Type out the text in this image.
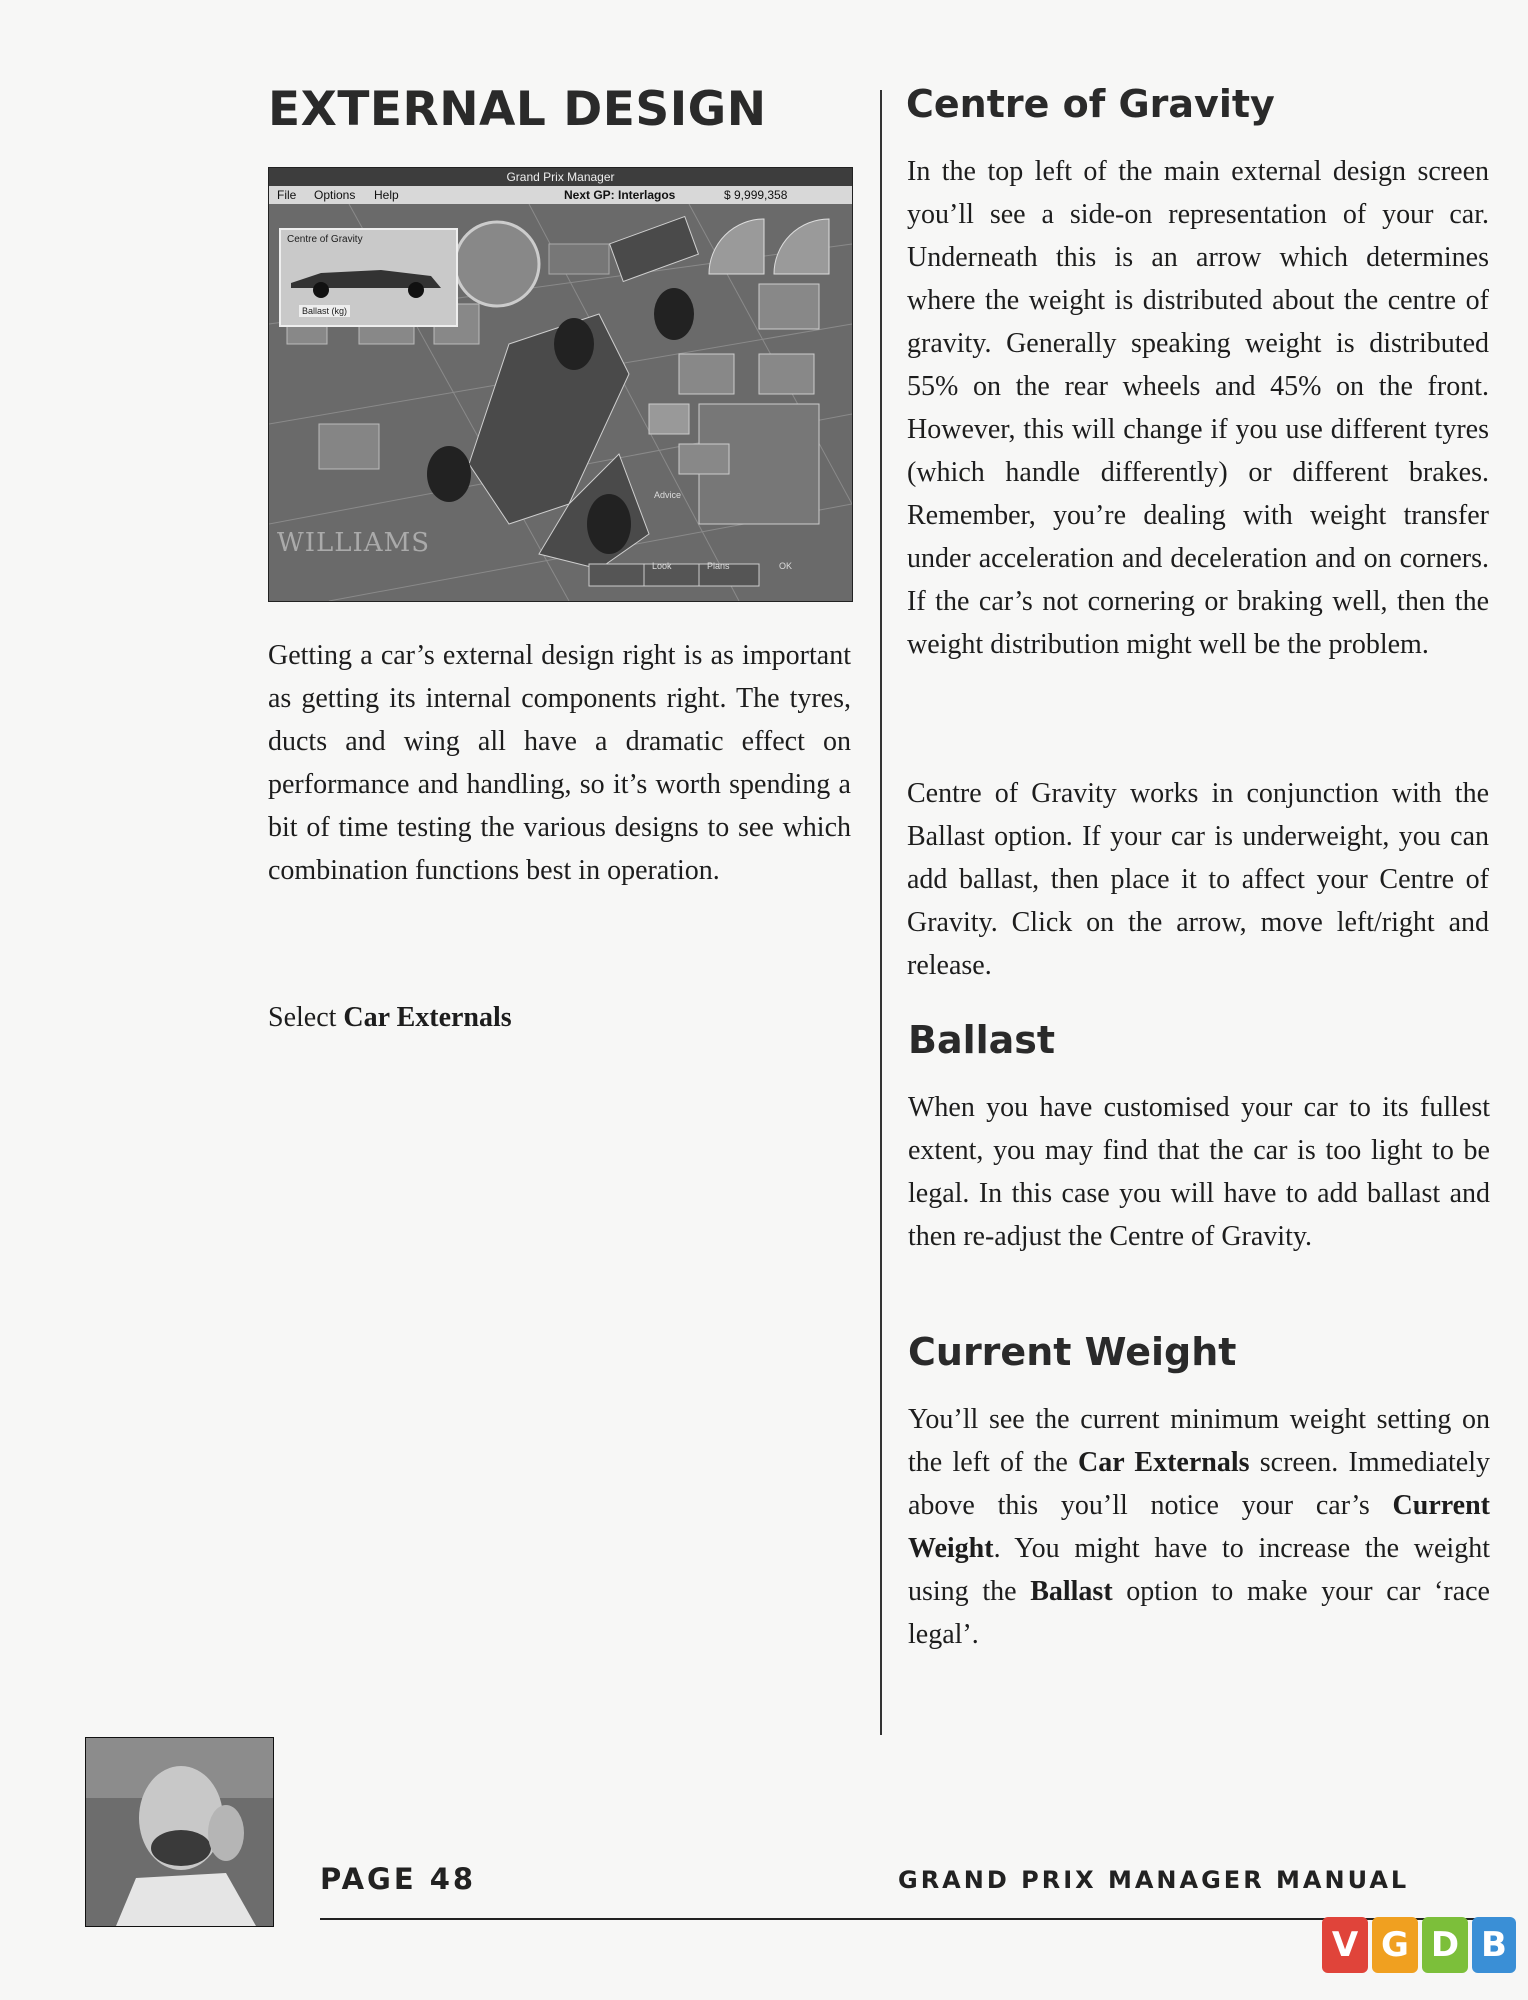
EXTERNAL DESIGN
Grand Prix Manager
File Options Help	Next GP: Interlagos	$ 9,999,358
Centre of Gravity
Ballast (kg)
WILLIAMS
Look	Plans	OK
Advice

Getting a car’s external design right is as important as getting its internal components right. The tyres, ducts and wing all have a dramatic effect on performance and handling, so it’s worth spending a bit of time testing the various designs to see which combination functions best in operation.

Select Car Externals

Centre of Gravity

In the top left of the main external design screen you’ll see a side-on representation of your car. Underneath this is an arrow which determines where the weight is distributed about the centre of gravity. Generally speaking weight is distributed 55% on the rear wheels and 45% on the front. However, this will change if you use different tyres (which handle differently) or different brakes. Remember, you’re dealing with weight transfer under acceleration and deceleration and on corners. If the car’s not cornering or braking well, then the weight distribution might well be the problem.

Centre of Gravity works in conjunction with the Ballast option. If your car is underweight, you can add ballast, then place it to affect your Centre of Gravity. Click on the arrow, move left/right and release.

Ballast

When you have customised your car to its fullest extent, you may find that the car is too light to be legal. In this case you will have to add ballast and then re-adjust the Centre of Gravity.

Current Weight

You’ll see the current minimum weight setting on the left of the Car Externals screen. Immediately above this you’ll notice your car’s Current Weight. You might have to increase the weight using the Ballast option to make your car ‘race legal’.

PAGE 48	GRAND PRIX MANAGER MANUAL
V G D B
